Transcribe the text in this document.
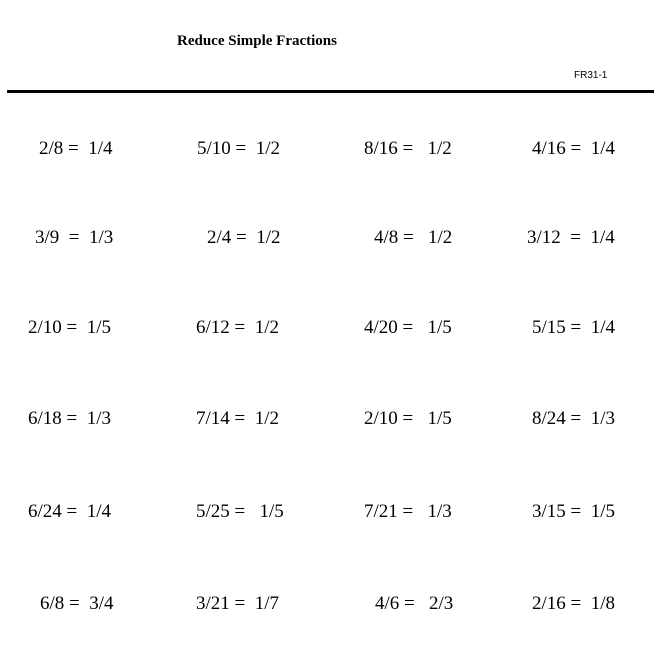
Reduce Simple Fractions
FR31-1
2/8 =  1/4	5/10 =  1/2	8/16 =   1/2	4/16 =  1/4
3/9  =  1/3	2/4 =  1/2	4/8 =   1/2	3/12  =  1/4
2/10 =  1/5	6/12 =  1/2	4/20 =   1/5	5/15 =  1/4
6/18 =  1/3	7/14 =  1/2	2/10 =   1/5	8/24 =  1/3
6/24 =  1/4	5/25 =   1/5	7/21 =   1/3	3/15 =  1/5
6/8 =  3/4	3/21 =  1/7	4/6 =   2/3	2/16 =  1/8
